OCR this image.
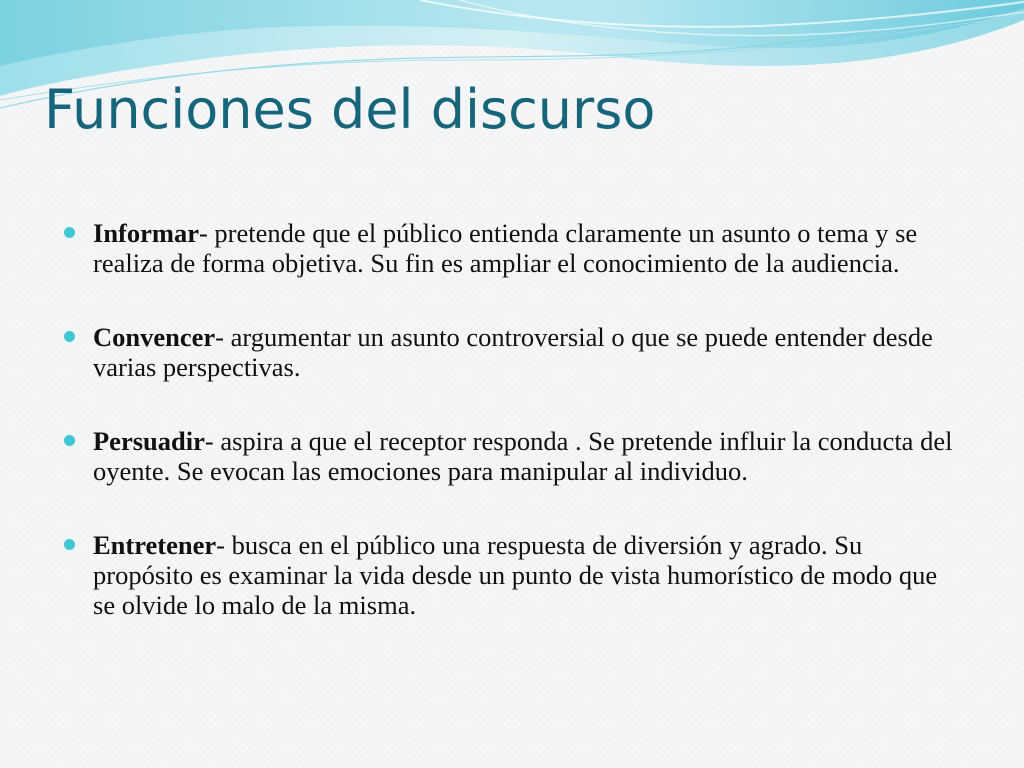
Funciones del discurso
Informar- pretende que el público entienda claramente un asunto o tema y se realiza de forma objetiva. Su fin es ampliar el conocimiento de la audiencia.
Convencer- argumentar un asunto controversial o que se puede entender desde varias perspectivas.
Persuadir- aspira a que el receptor responda . Se pretende influir la conducta del oyente. Se evocan las emociones para manipular al individuo.
Entretener- busca en el público una respuesta de diversión y agrado. Su propósito es examinar la vida desde un punto de vista humorístico de modo que se olvide lo malo de la misma.
